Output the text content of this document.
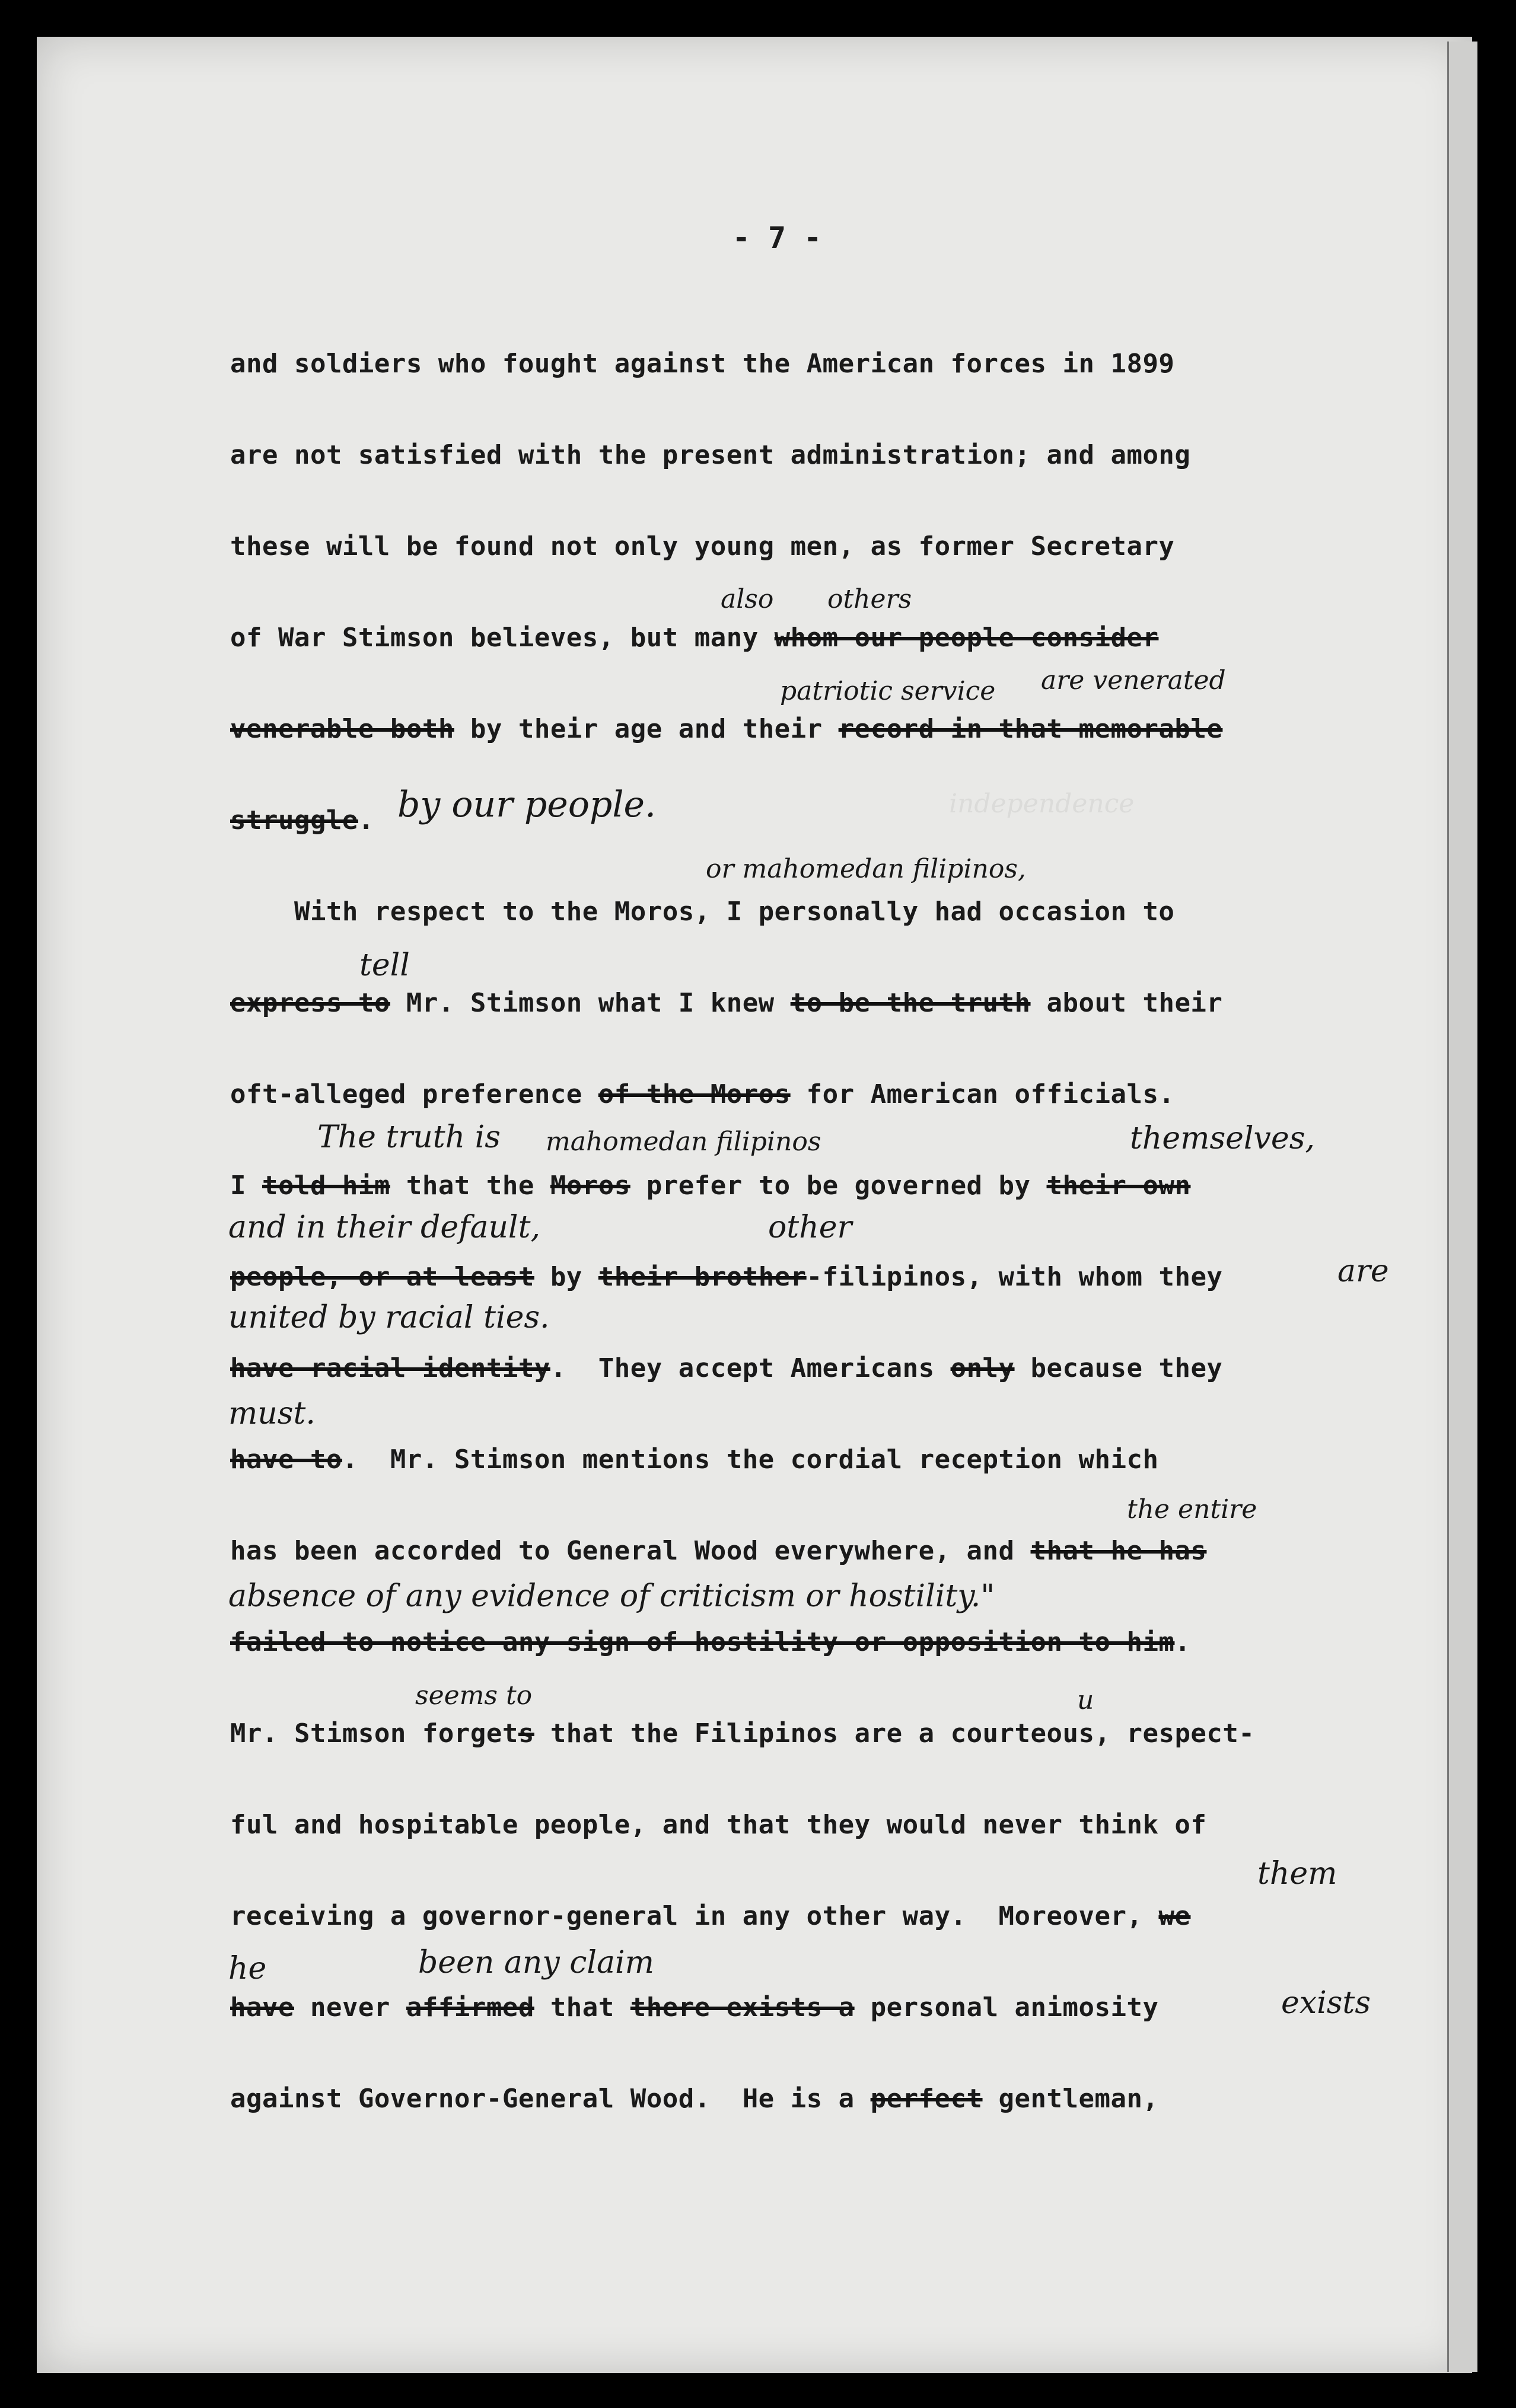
independence
- 7 -
and soldiers who fought against the American forces in 1899
are not satisfied with the present administration; and among
these will be found not only young men, as former Secretary
of War Stimson believes, but many whom our people consider
venerable both by their age and their record in that memorable
struggle.
With respect to the Moros, I personally had occasion to
express to Mr. Stimson what I knew to be the truth about their
oft-alleged preference of the Moros for American officials.
I told him that the Moros prefer to be governed by their own
people, or at least by their brother-filipinos, with whom they
have racial identity.  They accept Americans only because they
have to.  Mr. Stimson mentions the cordial reception which
has been accorded to General Wood everywhere, and that he has
failed to notice any sign of hostility or opposition to him.
Mr. Stimson forgets that the Filipinos are a courteous, respect-
ful and hospitable people, and that they would never think of
receiving a governor-general in any other way.  Moreover, we
have never affirmed that there exists a personal animosity
against Governor-General Wood.  He is a perfect gentleman,
also others
patriotic service are venerated
by our people.
or mahomedan filipinos,
tell
The truth is mahomedan filipinos	themselves,
and in their default,	other
are
united by racial ties.
must.
the entire
absence of any evidence of criticism or hostility."
seems to	u
them
he	been any claim
exists
